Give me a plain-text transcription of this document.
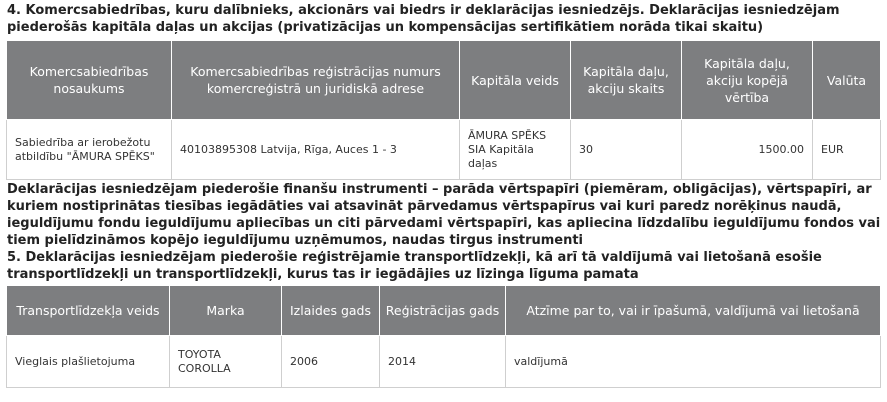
4. Komercsabiedrības, kuru dalībnieks, akcionārs vai biedrs ir deklarācijas iesniedzējs. Deklarācijas iesniedzējam piederošās kapitāla daļas un akcijas (privatizācijas un kompensācijas sertifikātiem norāda tikai skaitu)

Komercsabiedrības nosaukums	Komercsabiedrības reģistrācijas numurs komercreģistrā un juridiskā adrese	Kapitāla veids	Kapitāla daļu, akciju skaits	Kapitāla daļu, akciju kopējā vērtība	Valūta
Sabiedrība ar ierobežotu atbildību "ĀMURA SPĒKS"	40103895308 Latvija, Rīga, Auces 1 - 3	ĀMURA SPĒKS SIA Kapitāla daļas	30	1500.00	EUR

Deklarācijas iesniedzējam piederošie finanšu instrumenti – parāda vērtspapīri (piemēram, obligācijas), vērtspapīri, ar kuriem nostiprinātas tiesības iegādāties vai atsavināt pārvedamus vērtspapīrus vai kuri paredz norēķinus naudā, ieguldījumu fondu ieguldījumu apliecības un citi pārvedami vērtspapīri, kas apliecina līdzdalību ieguldījumu fondos vai tiem pielīdzināmos kopējo ieguldījumu uzņēmumos, naudas tirgus instrumenti

5. Deklarācijas iesniedzējam piederošie reģistrējamie transportlīdzekļi, kā arī tā valdījumā vai lietošanā esošie transportlīdzekļi un transportlīdzekļi, kurus tas ir iegādājies uz līzinga līguma pamata

Transportlīdzekļa veids	Marka	Izlaides gads	Reģistrācijas gads	Atzīme par to, vai ir īpašumā, valdījumā vai lietošanā
Vieglais plašlietojuma	TOYOTA COROLLA	2006	2014	valdījumā
